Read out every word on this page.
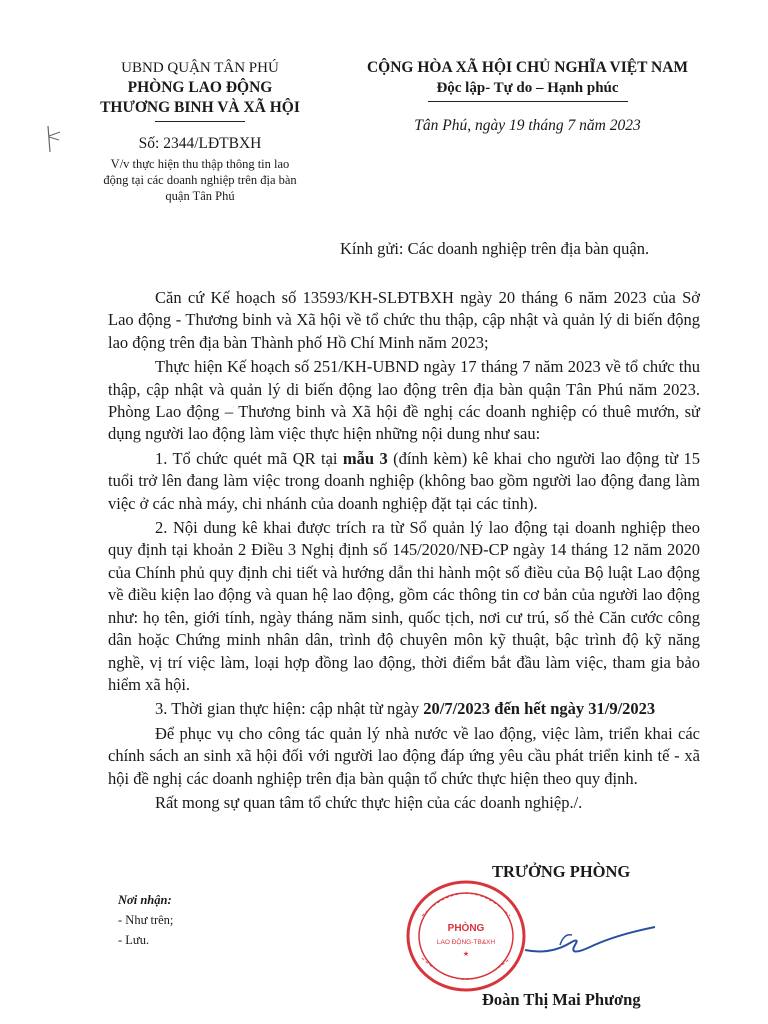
UBND QUẬN TÂN PHÚ
PHÒNG LAO ĐỘNG
THƯƠNG BINH VÀ XÃ HỘI
Số: 2344/LĐTBXH
V/v thực hiện thu thập thông tin lao
động tại các doanh nghiệp trên địa bàn
quận Tân Phú
CỘNG HÒA XÃ HỘI CHỦ NGHĨA VIỆT NAM
Độc lập- Tự do – Hạnh phúc
Tân Phú, ngày 19 tháng 7 năm 2023
Kính gửi: Các doanh nghiệp trên địa bàn quận.

Căn cứ Kế hoạch số 13593/KH-SLĐTBXH ngày 20 tháng 6 năm 2023 của Sở Lao động - Thương binh và Xã hội về tổ chức thu thập, cập nhật và quản lý di biến động lao động trên địa bàn Thành phố Hồ Chí Minh năm 2023;

Thực hiện Kế hoạch số 251/KH-UBND ngày 17 tháng 7 năm 2023 về tổ chức thu thập, cập nhật và quản lý di biến động lao động trên địa bàn quận Tân Phú năm 2023. Phòng Lao động – Thương binh và Xã hội đề nghị các doanh nghiệp có thuê mướn, sử dụng người lao động làm việc thực hiện những nội dung như sau:

1. Tổ chức quét mã QR tại mẫu 3 (đính kèm) kê khai cho người lao động từ 15 tuổi trở lên đang làm việc trong doanh nghiệp (không bao gồm người lao động đang làm việc ở các nhà máy, chi nhánh của doanh nghiệp đặt tại các tỉnh).

2. Nội dung kê khai được trích ra từ Sổ quản lý lao động tại doanh nghiệp theo quy định tại khoản 2 Điều 3 Nghị định số 145/2020/NĐ-CP ngày 14 tháng 12 năm 2020 của Chính phủ quy định chi tiết và hướng dẫn thi hành một số điều của Bộ luật Lao động về điều kiện lao động và quan hệ lao động, gồm các thông tin cơ bản của người lao động như: họ tên, giới tính, ngày tháng năm sinh, quốc tịch, nơi cư trú, số thẻ Căn cước công dân hoặc Chứng minh nhân dân, trình độ chuyên môn kỹ thuật, bậc trình độ kỹ năng nghề, vị trí việc làm, loại hợp đồng lao động, thời điểm bắt đầu làm việc, tham gia bảo hiểm xã hội.

3. Thời gian thực hiện: cập nhật từ ngày 20/7/2023 đến hết ngày 31/9/2023

Để phục vụ cho công tác quản lý nhà nước về lao động, việc làm, triển khai các chính sách an sinh xã hội đối với người lao động đáp ứng yêu cầu phát triển kinh tế - xã hội đề nghị các doanh nghiệp trên địa bàn quận tổ chức thực hiện theo quy định.

Rất mong sự quan tâm tổ chức thực hiện của các doanh nghiệp./.

TRƯỞNG PHÒNG
PHÒNG
LAO ĐỘNG-TB&XH
★
Đoàn Thị Mai Phương
Nơi nhận:
- Như trên;
- Lưu.
